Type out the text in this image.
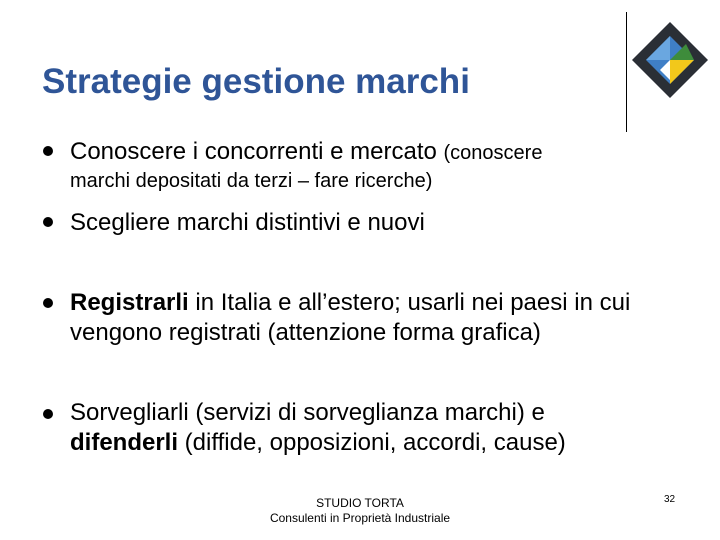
Strategie gestione marchi
Conoscere i concorrenti e mercato (conoscere
marchi depositati da terzi – fare ricerche)
Scegliere marchi distintivi e nuovi
Registrarli in Italia e all’estero; usarli nei paesi in cui vengono registrati (attenzione forma grafica)
Sorvegliarli (servizi di sorveglianza marchi) e
difenderli (diffide, opposizioni, accordi, cause)
STUDIO TORTA
Consulenti in Proprietà Industriale
32
